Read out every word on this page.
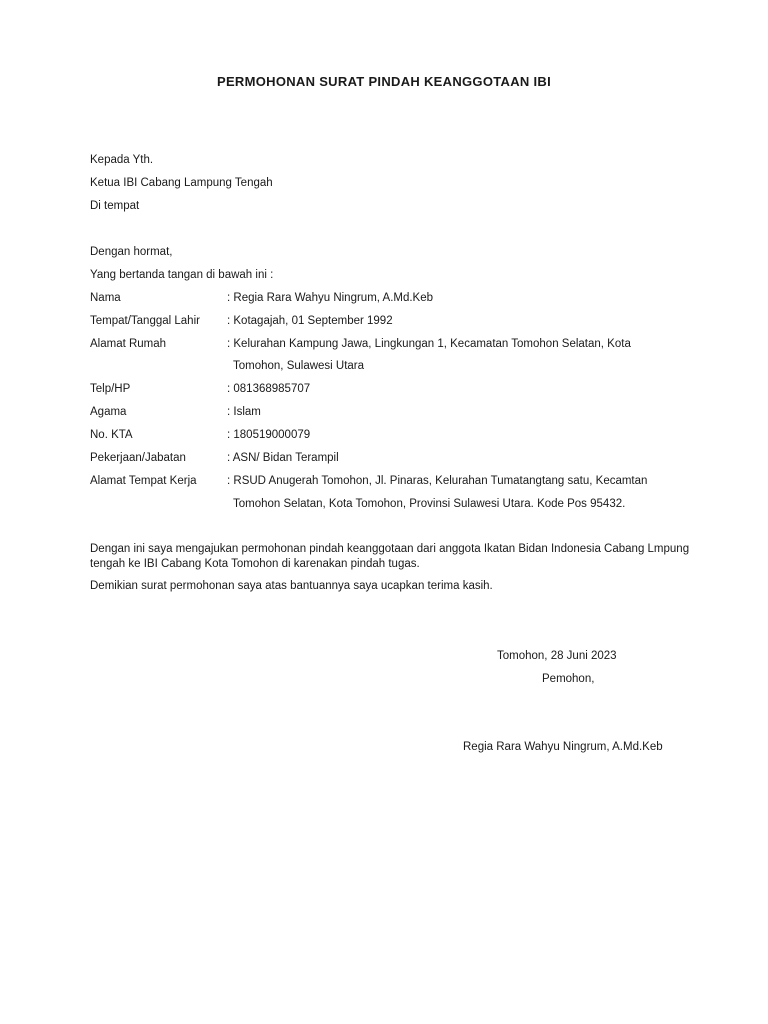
PERMOHONAN SURAT PINDAH KEANGGOTAAN IBI
Kepada Yth.
Ketua IBI Cabang Lampung Tengah
Di tempat
Dengan hormat,
Yang bertanda tangan di bawah ini :
Nama	: Regia Rara Wahyu Ningrum, A.Md.Keb
Tempat/Tanggal Lahir : Kotagajah, 01 September 1992
Alamat Rumah	: Kelurahan Kampung Jawa, Lingkungan 1, Kecamatan Tomohon Selatan, Kota
Tomohon, Sulawesi Utara
Telp/HP	: 081368985707
Agama	: Islam
No. KTA	: 180519000079
Pekerjaan/Jabatan	: ASN/ Bidan Terampil
Alamat Tempat Kerja	: RSUD Anugerah Tomohon, Jl. Pinaras, Kelurahan Tumatangtang satu, Kecamtan
Tomohon Selatan, Kota Tomohon, Provinsi Sulawesi Utara. Kode Pos 95432.
Dengan ini saya mengajukan permohonan pindah keanggotaan dari anggota Ikatan Bidan Indonesia Cabang Lmpung tengah ke IBI Cabang Kota Tomohon di karenakan pindah tugas.
Demikian surat permohonan saya atas bantuannya saya ucapkan terima kasih.
Tomohon, 28 Juni 2023
Pemohon,
Regia Rara Wahyu Ningrum, A.Md.Keb
